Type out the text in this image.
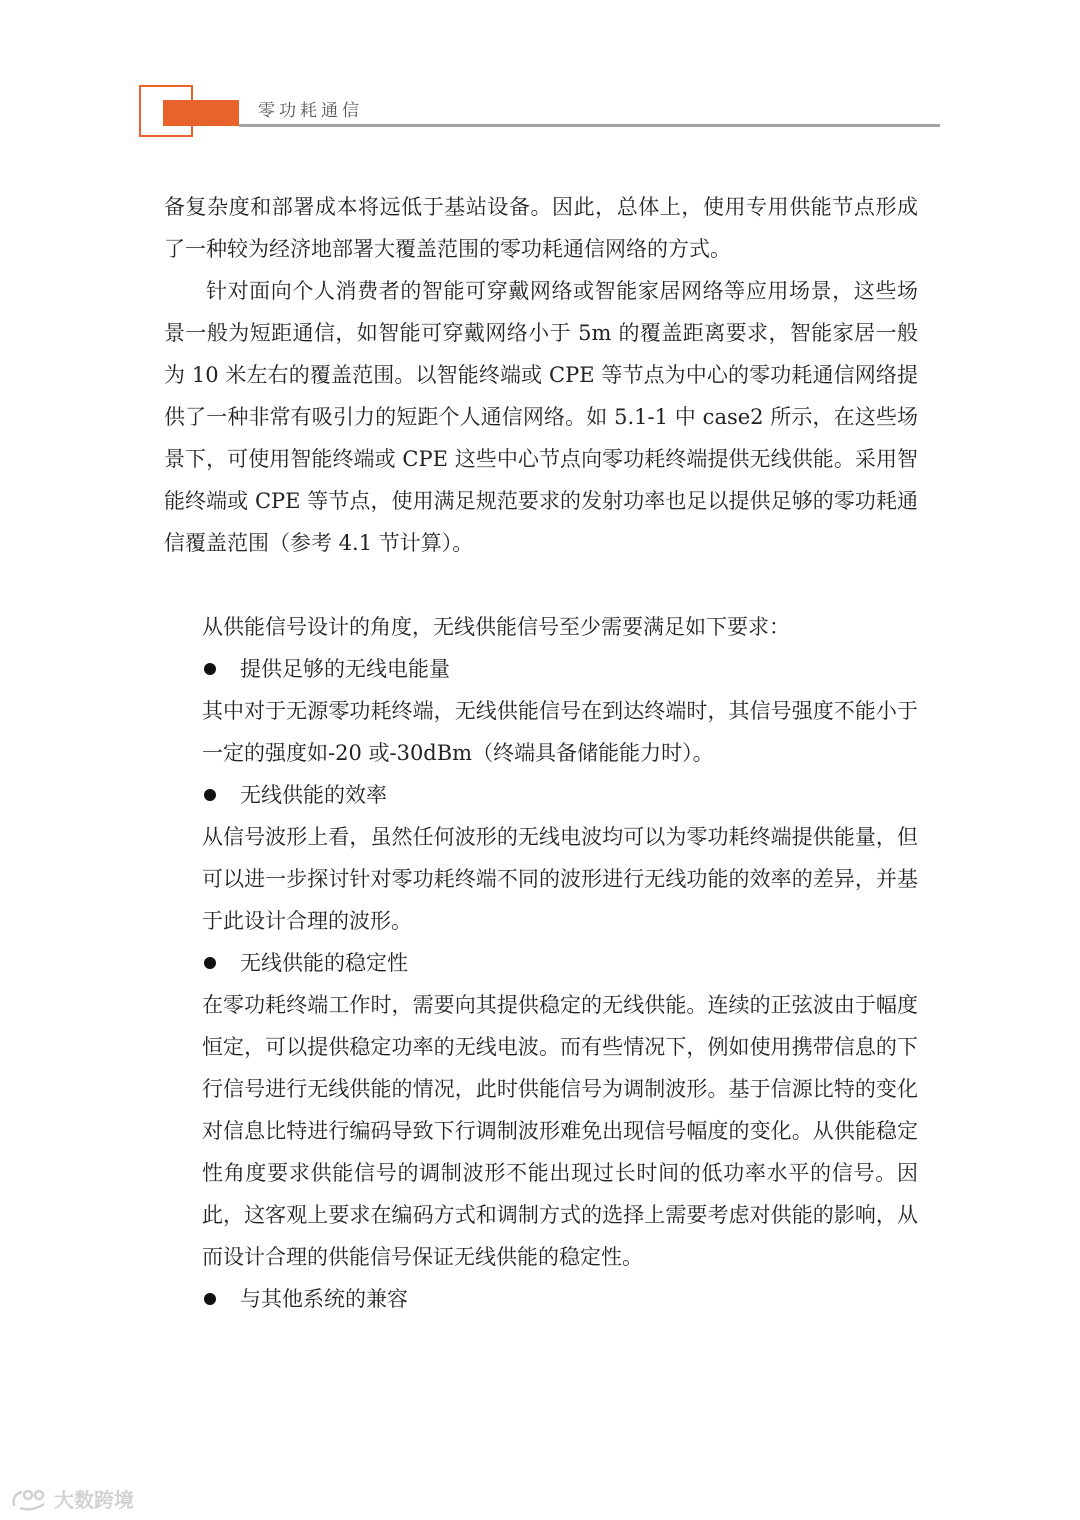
零功耗通信

备复杂度和部署成本将远低于基站设备。因此，总体上，使用专用供能节点形成了一种较为经济地部署大覆盖范围的零功耗通信网络的方式。

针对面向个人消费者的智能可穿戴网络或智能家居网络等应用场景，这些场景一般为短距通信，如智能可穿戴网络小于 5m 的覆盖距离要求，智能家居一般为 10 米左右的覆盖范围。以智能终端或 CPE 等节点为中心的零功耗通信网络提供了一种非常有吸引力的短距个人通信网络。如 5.1-1 中 case2 所示，在这些场景下，可使用智能终端或 CPE 这些中心节点向零功耗终端提供无线供能。采用智能终端或 CPE 等节点，使用满足规范要求的发射功率也足以提供足够的零功耗通信覆盖范围（参考 4.1 节计算）。

从供能信号设计的角度，无线供能信号至少需要满足如下要求：

提供足够的无线电能量

其中对于无源零功耗终端，无线供能信号在到达终端时，其信号强度不能小于一定的强度如-20 或-30dBm（终端具备储能能力时）。

无线供能的效率

从信号波形上看，虽然任何波形的无线电波均可以为零功耗终端提供能量，但可以进一步探讨针对零功耗终端不同的波形进行无线功能的效率的差异，并基于此设计合理的波形。

无线供能的稳定性

在零功耗终端工作时，需要向其提供稳定的无线供能。连续的正弦波由于幅度恒定，可以提供稳定功率的无线电波。而有些情况下，例如使用携带信息的下行信号进行无线供能的情况，此时供能信号为调制波形。基于信源比特的变化对信息比特进行编码导致下行调制波形难免出现信号幅度的变化。从供能稳定性角度要求供能信号的调制波形不能出现过长时间的低功率水平的信号。因此，这客观上要求在编码方式和调制方式的选择上需要考虑对供能的影响，从而设计合理的供能信号保证无线供能的稳定性。

与其他系统的兼容

大数跨境
